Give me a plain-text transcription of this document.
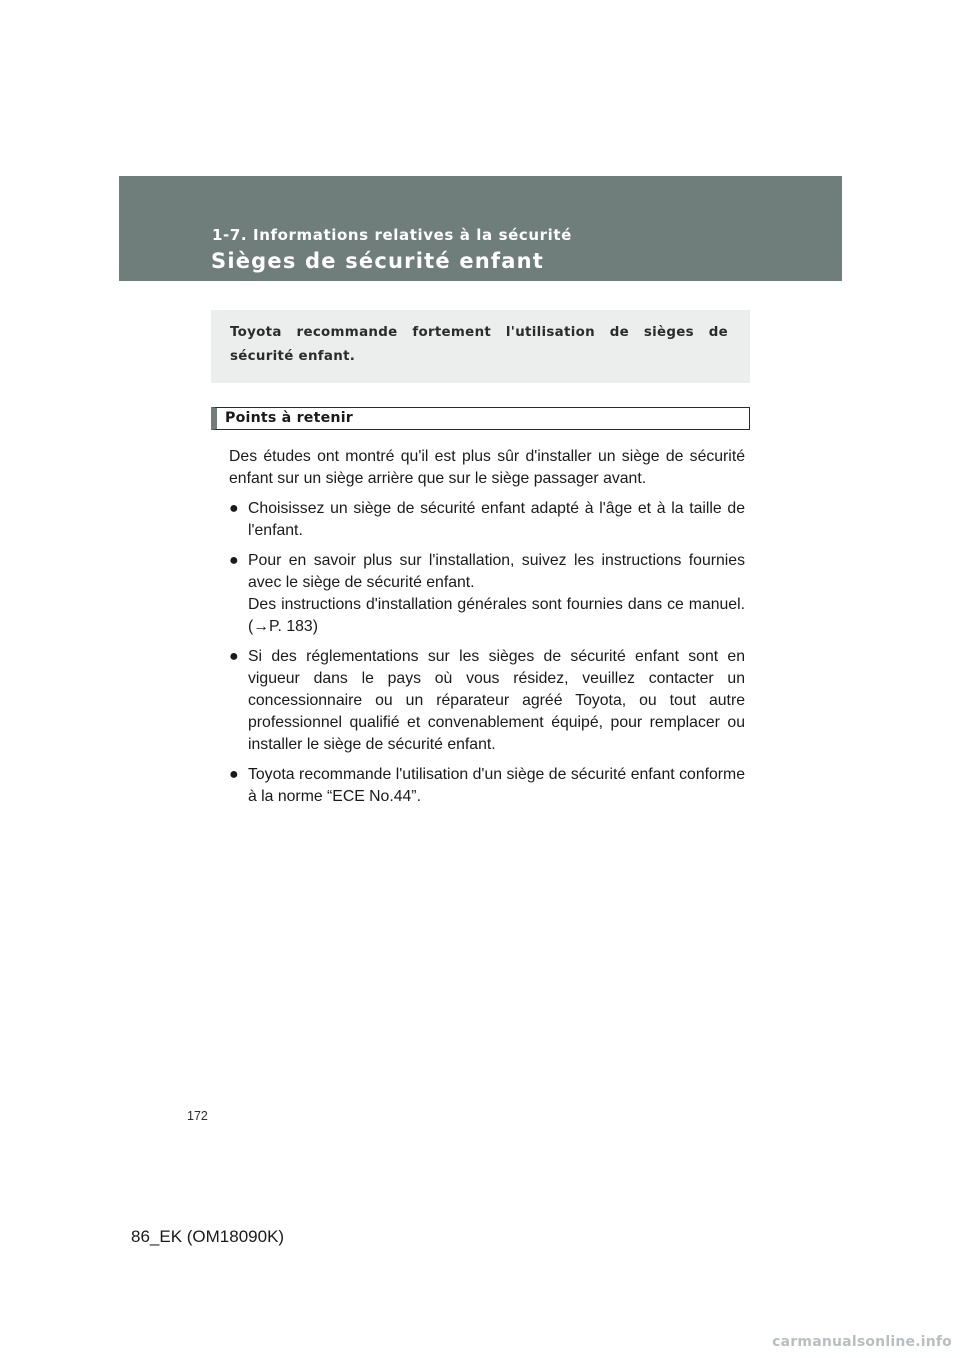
1-7. Informations relatives à la sécurité
Sièges de sécurité enfant
Toyota recommande fortement l'utilisation de sièges de sécurité enfant.
Points à retenir

Des études ont montré qu'il est plus sûr d'installer un siège de sécurité enfant sur un siège arrière que sur le siège passager avant.

● Choisissez un siège de sécurité enfant adapté à l'âge et à la taille de l'enfant.

● Pour en savoir plus sur l'installation, suivez les instructions fournies avec le siège de sécurité enfant.

Des instructions d'installation générales sont fournies dans ce manuel. (→P. 183)

● Si des réglementations sur les sièges de sécurité enfant sont en vigueur dans le pays où vous résidez, veuillez contacter un concessionnaire ou un réparateur agréé Toyota, ou tout autre professionnel qualifié et convenablement équipé, pour remplacer ou installer le siège de sécurité enfant.

● Toyota recommande l'utilisation d'un siège de sécurité enfant conforme à la norme “ECE No.44”.

172
86_EK (OM18090K)
carmanualsonline.info
